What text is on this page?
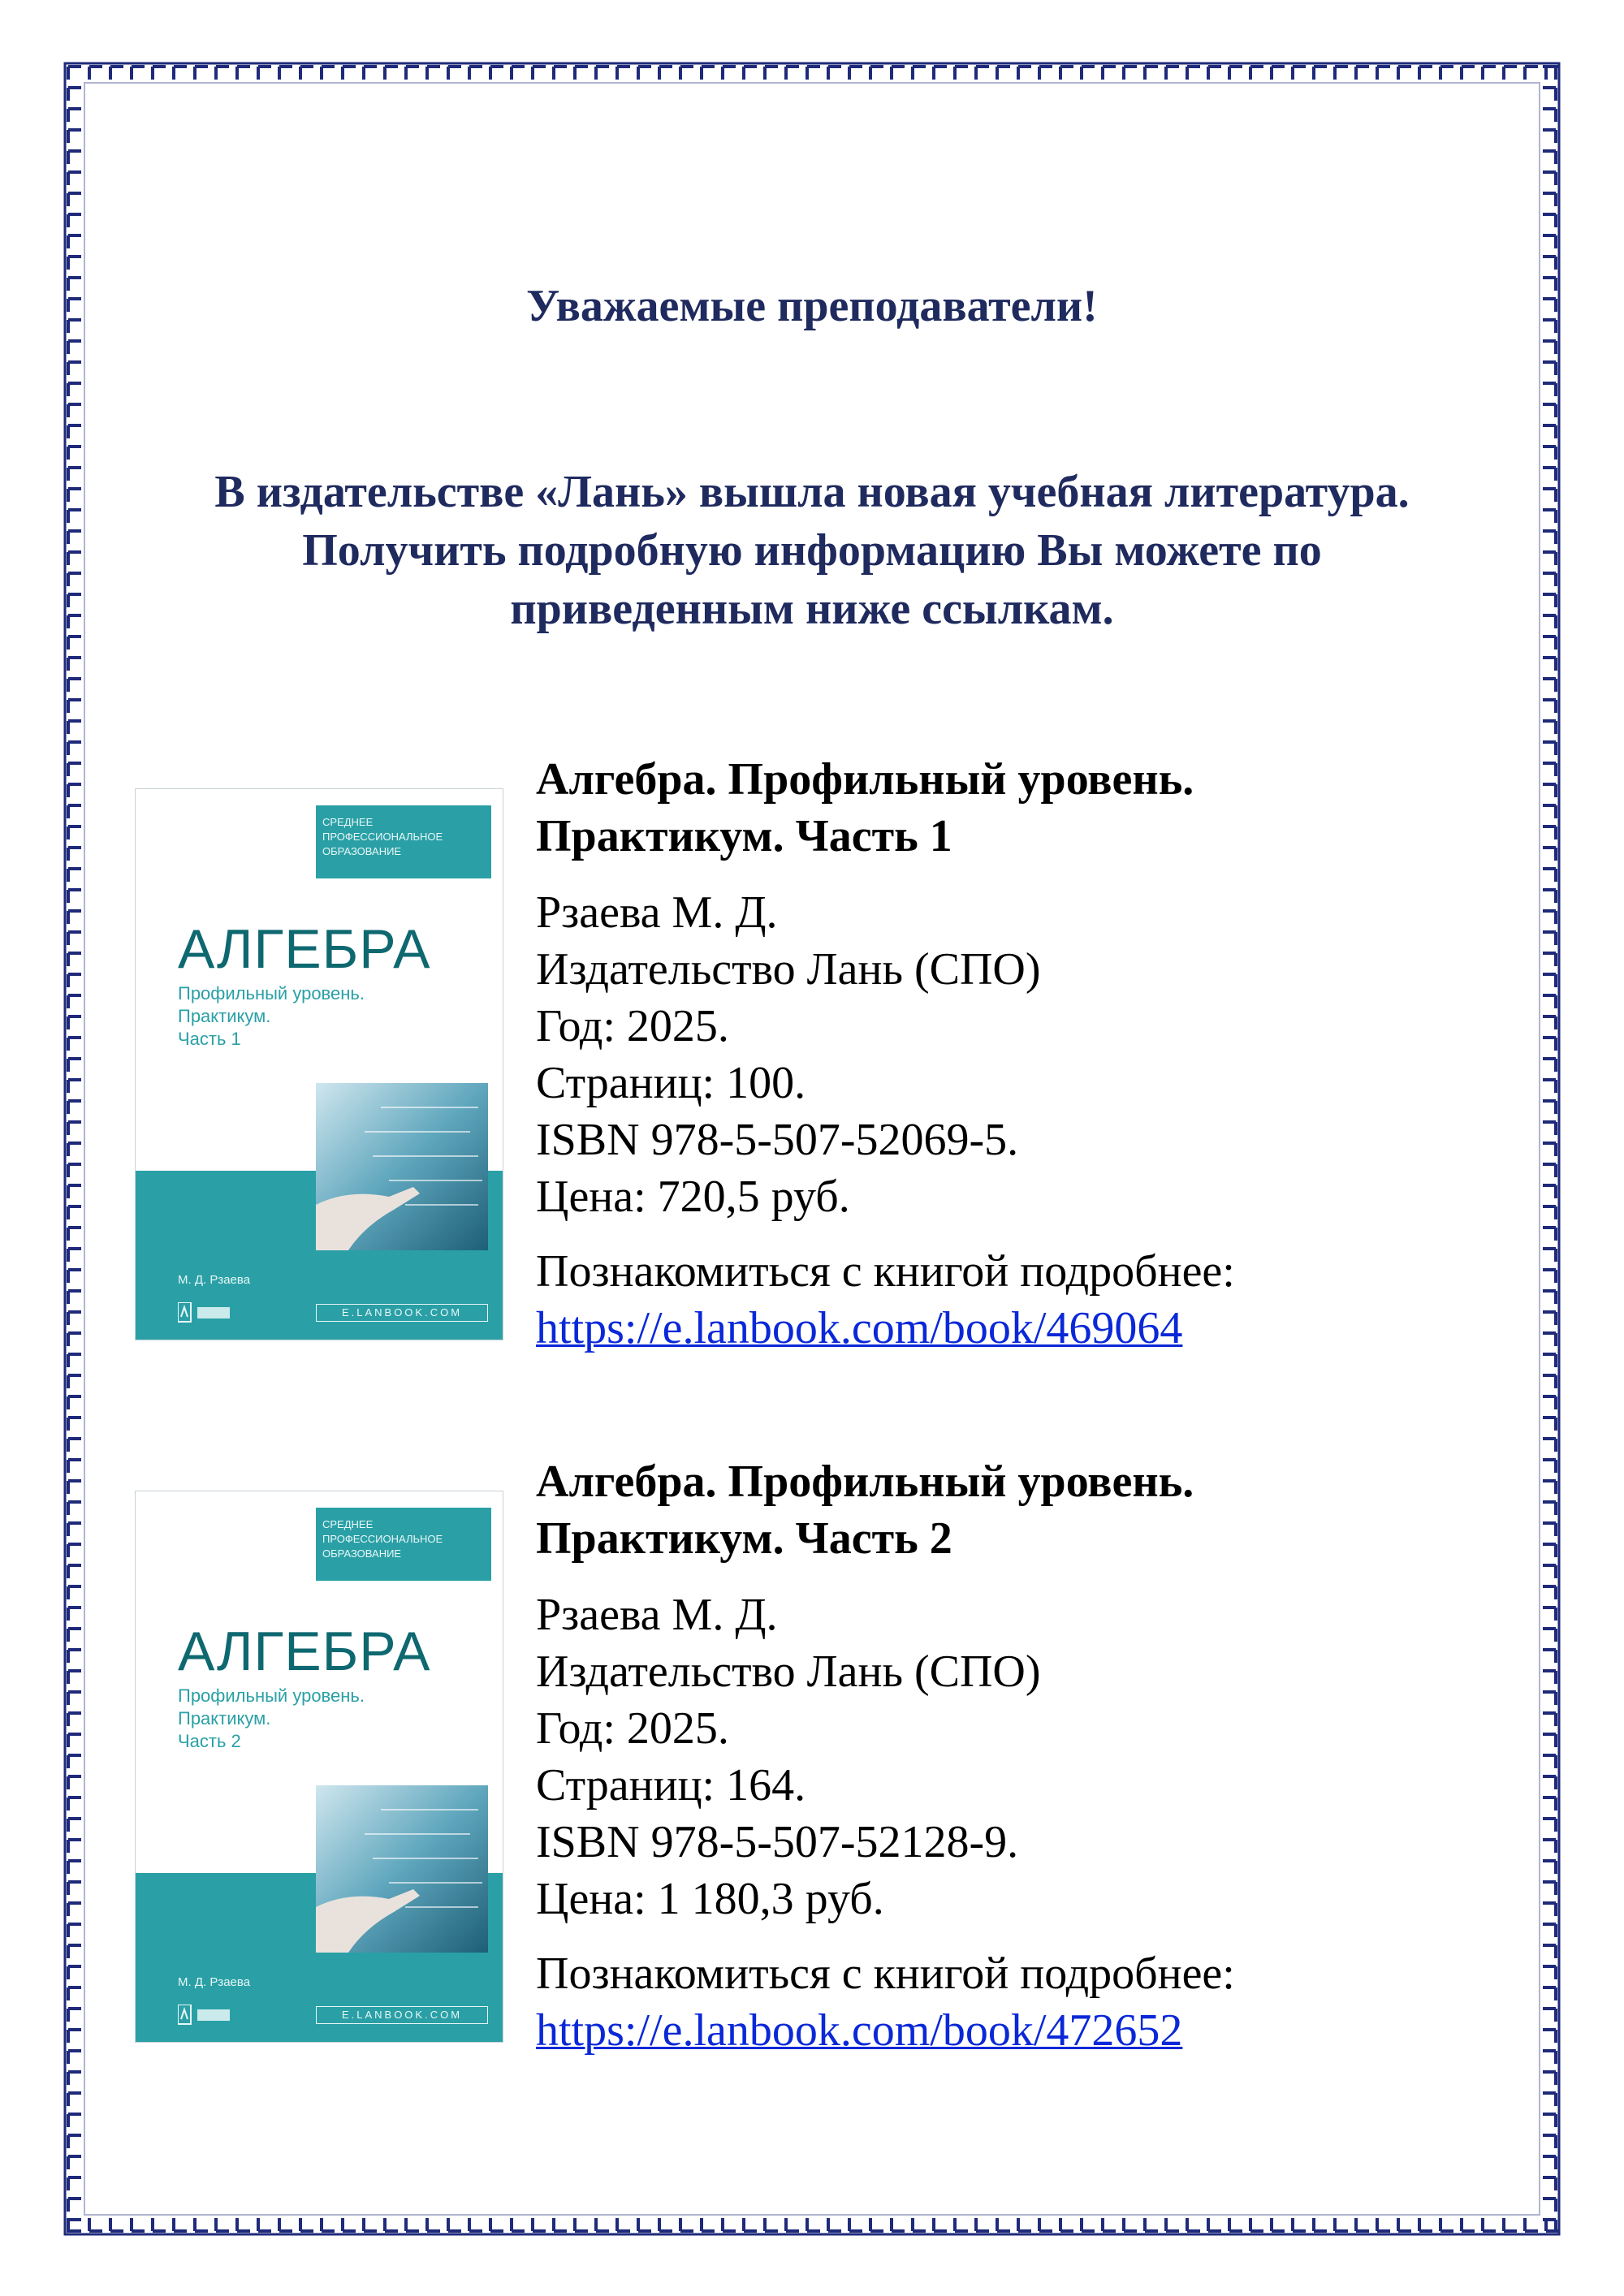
Уважаемые преподаватели!
В издательстве «Лань» вышла новая учебная литература.
Получить подробную информацию Вы можете по
приведенным ниже ссылкам.
СРЕДНЕЕ
ПРОФЕССИОНАЛЬНОЕ
ОБРАЗОВАНИЕ
АЛГЕБРА
Профильный уровень.
Практикум.
Часть 1
М. Д. Рзаева
E.LANBOOK.COM
Алгебра. Профильный уровень.
Практикум. Часть 1
Рзаева М. Д.
Издательство Лань (СПО)
Год: 2025.
Страниц: 100.
ISBN 978-5-507-52069-5.
Цена: 720,5 руб.
Познакомиться с книгой подробнее:
https://e.lanbook.com/book/469064
СРЕДНЕЕ
ПРОФЕССИОНАЛЬНОЕ
ОБРАЗОВАНИЕ
АЛГЕБРА
Профильный уровень.
Практикум.
Часть 2
М. Д. Рзаева
E.LANBOOK.COM
Алгебра. Профильный уровень.
Практикум. Часть 2
Рзаева М. Д.
Издательство Лань (СПО)
Год: 2025.
Страниц: 164.
ISBN 978-5-507-52128-9.
Цена: 1 180,3 руб.
Познакомиться с книгой подробнее:
https://e.lanbook.com/book/472652
